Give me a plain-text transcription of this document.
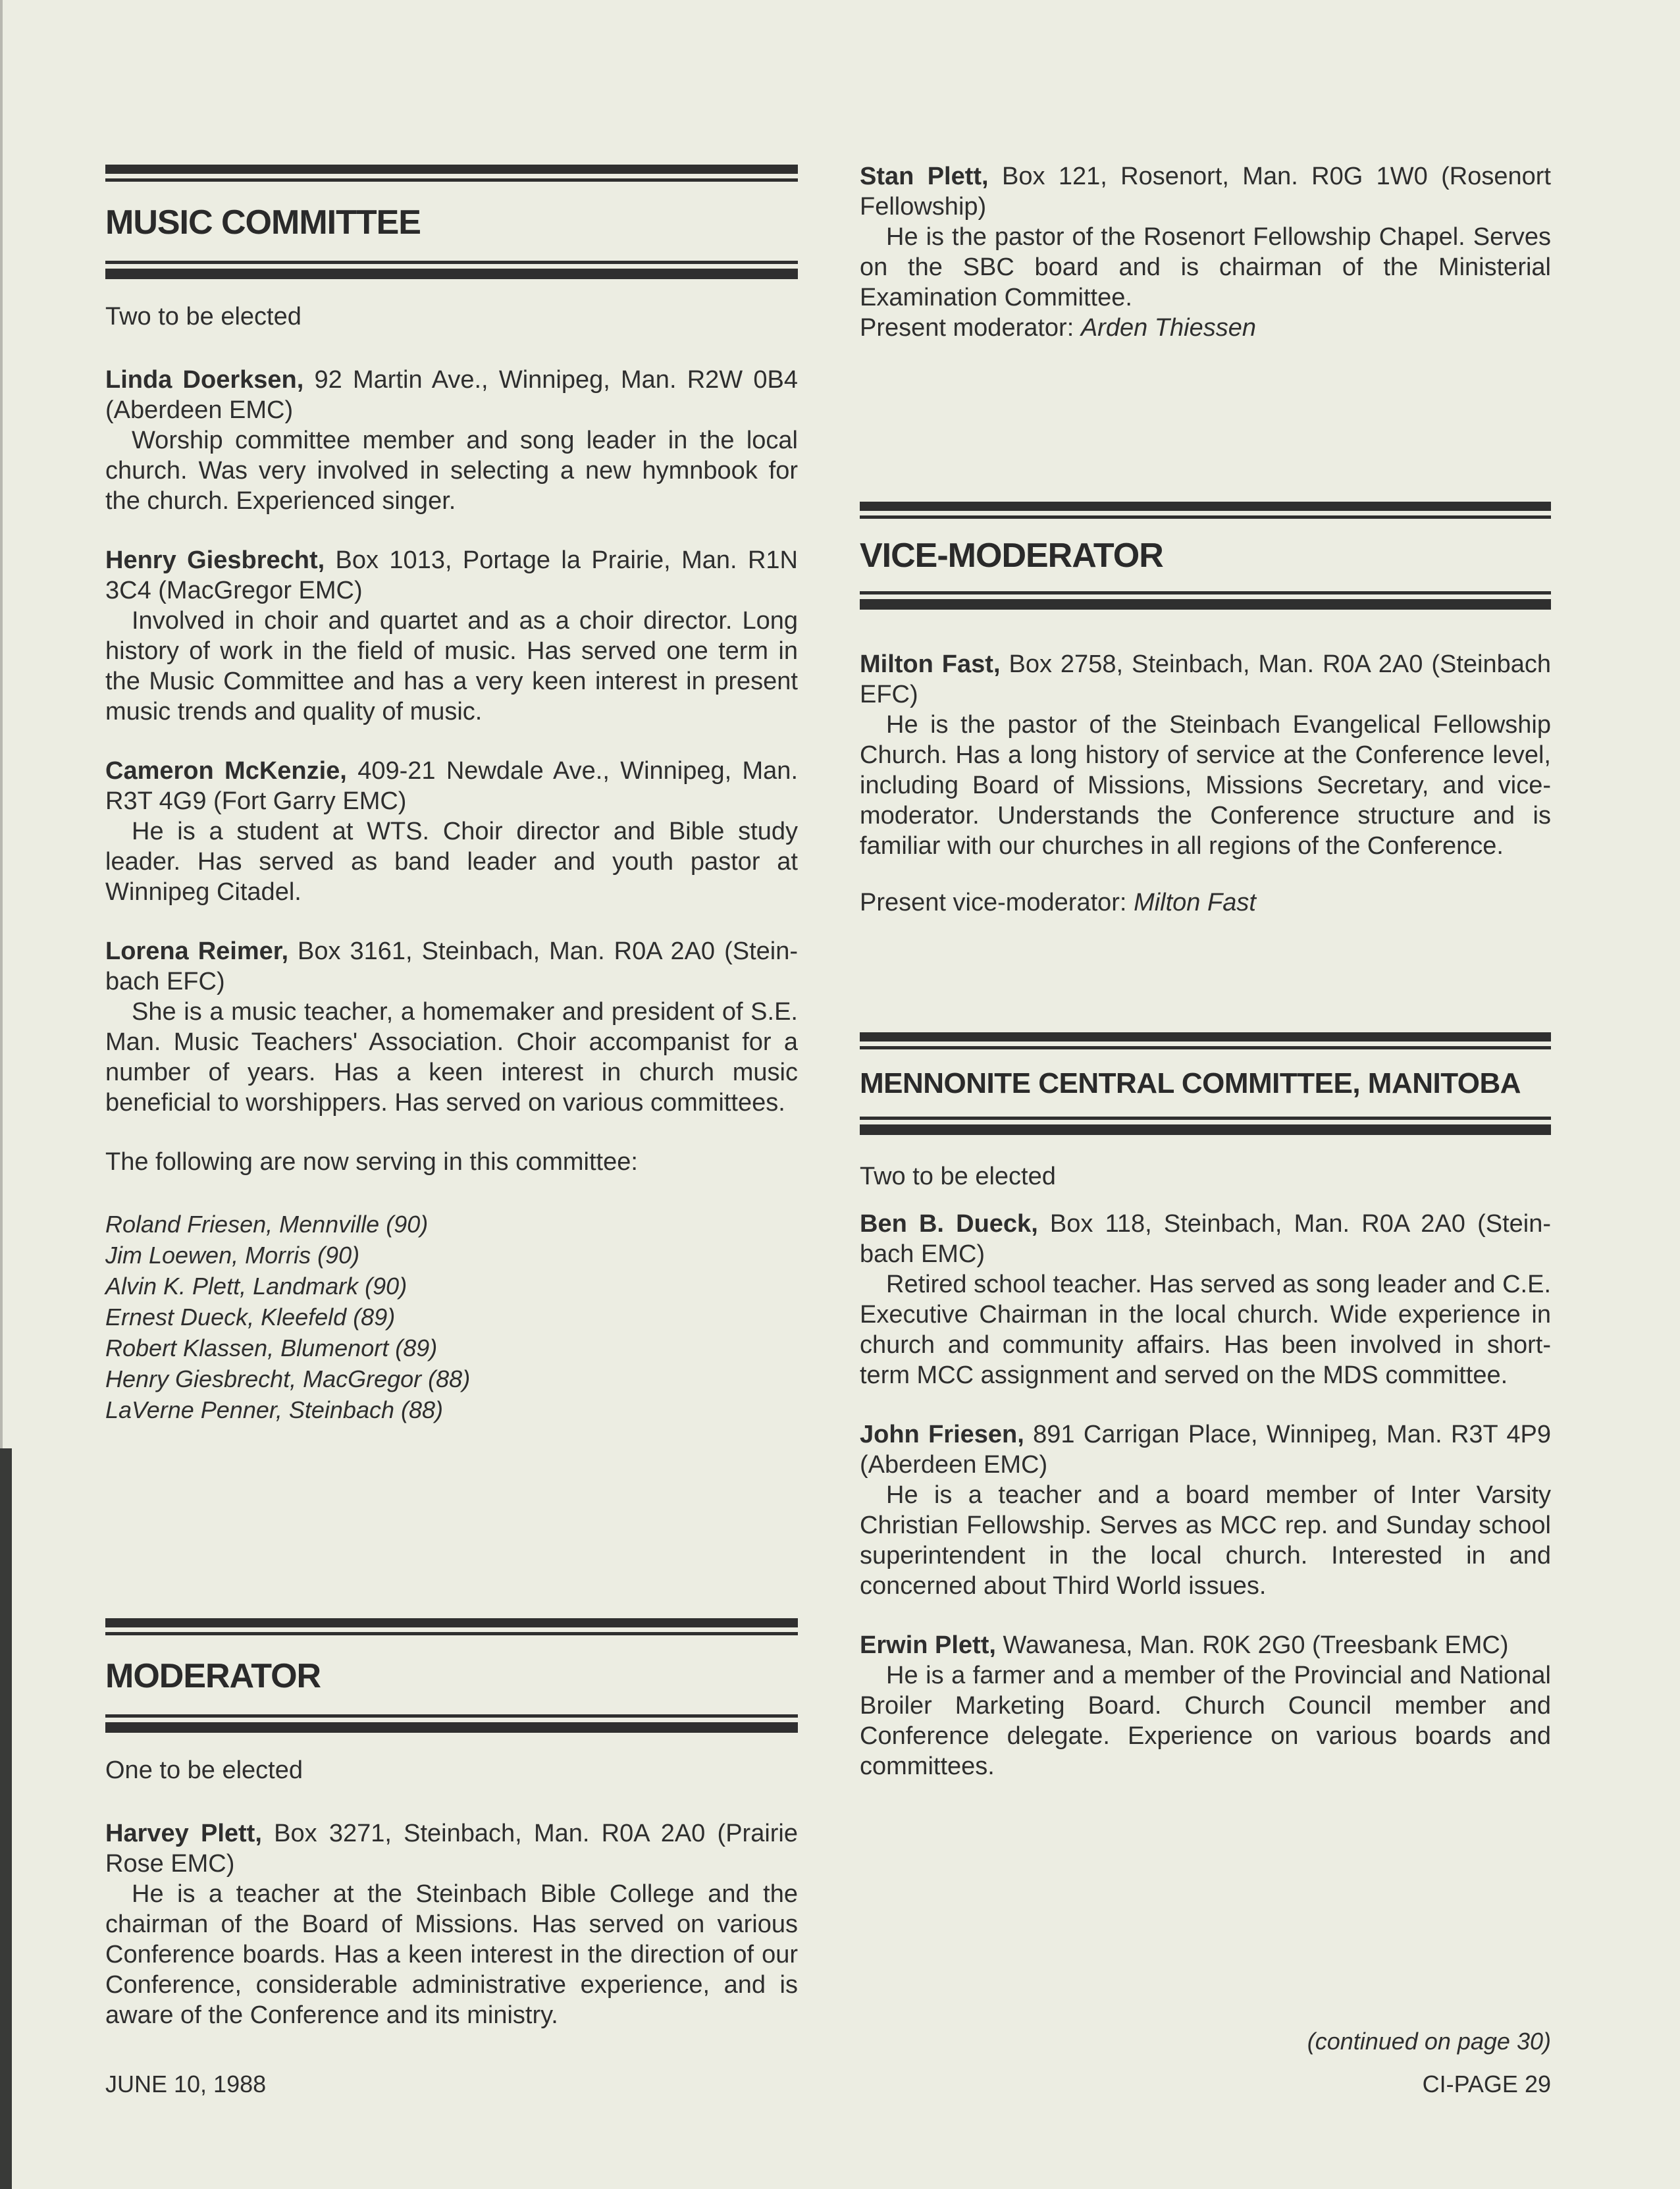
MUSIC COMMITTEE
Two to be elected
Linda Doerksen, 92 Martin Ave., Winnipeg, Man. R2W 0B4 (Aberdeen EMC)
Worship committee member and song leader in the local church. Was very involved in selecting a new hymnbook for the church. Experienced singer.
Henry Giesbrecht, Box 1013, Portage la Prairie, Man. R1N 3C4 (MacGregor EMC)
Involved in choir and quartet and as a choir director. Long history of work in the field of music. Has served one term in the Music Committee and has a very keen interest in present music trends and quality of music.
Cameron McKenzie, 409-21 Newdale Ave., Winnipeg, Man. R3T 4G9 (Fort Garry EMC)
He is a student at WTS. Choir director and Bible study leader. Has served as band leader and youth pastor at Winnipeg Citadel.
Lorena Reimer, Box 3161, Steinbach, Man. R0A 2A0 (Steinbach EFC)
She is a music teacher, a homemaker and president of S.E. Man. Music Teachers' Association. Choir accompanist for a number of years. Has a keen interest in church music beneficial to worshippers. Has served on various committees.
The following are now serving in this committee:
Roland Friesen, Mennville (90)
Jim Loewen, Morris (90)
Alvin K. Plett, Landmark (90)
Ernest Dueck, Kleefeld (89)
Robert Klassen, Blumenort (89)
Henry Giesbrecht, MacGregor (88)
LaVerne Penner, Steinbach (88)
MODERATOR
One to be elected
Harvey Plett, Box 3271, Steinbach, Man. R0A 2A0 (Prairie Rose EMC)
He is a teacher at the Steinbach Bible College and the chairman of the Board of Missions. Has served on various Conference boards. Has a keen interest in the direction of our Conference, considerable administrative experience, and is aware of the Conference and its ministry.
JUNE 10, 1988
Stan Plett, Box 121, Rosenort, Man. R0G 1W0 (Rosenort Fellowship)
He is the pastor of the Rosenort Fellowship Chapel. Serves on the SBC board and is chairman of the Ministerial Examination Committee.
Present moderator: Arden Thiessen
VICE-MODERATOR
Milton Fast, Box 2758, Steinbach, Man. R0A 2A0 (Steinbach EFC)
He is the pastor of the Steinbach Evangelical Fellowship Church. Has a long history of service at the Conference level, including Board of Missions, Missions Secretary, and vice-moderator. Understands the Conference structure and is familiar with our churches in all regions of the Conference.
Present vice-moderator: Milton Fast
MENNONITE CENTRAL COMMITTEE, MANITOBA
Two to be elected
Ben B. Dueck, Box 118, Steinbach, Man. R0A 2A0 (Steinbach EMC)
Retired school teacher. Has served as song leader and C.E. Executive Chairman in the local church. Wide experience in church and community affairs. Has been involved in short-term MCC assignment and served on the MDS committee.
John Friesen, 891 Carrigan Place, Winnipeg, Man. R3T 4P9 (Aberdeen EMC)
He is a teacher and a board member of Inter Varsity Christian Fellowship. Serves as MCC rep. and Sunday school superintendent in the local church. Interested in and concerned about Third World issues.
Erwin Plett, Wawanesa, Man. R0K 2G0 (Treesbank EMC)
He is a farmer and a member of the Provincial and National Broiler Marketing Board. Church Council member and Conference delegate. Experience on various boards and committees.
(continued on page 30)
CI-PAGE 29
